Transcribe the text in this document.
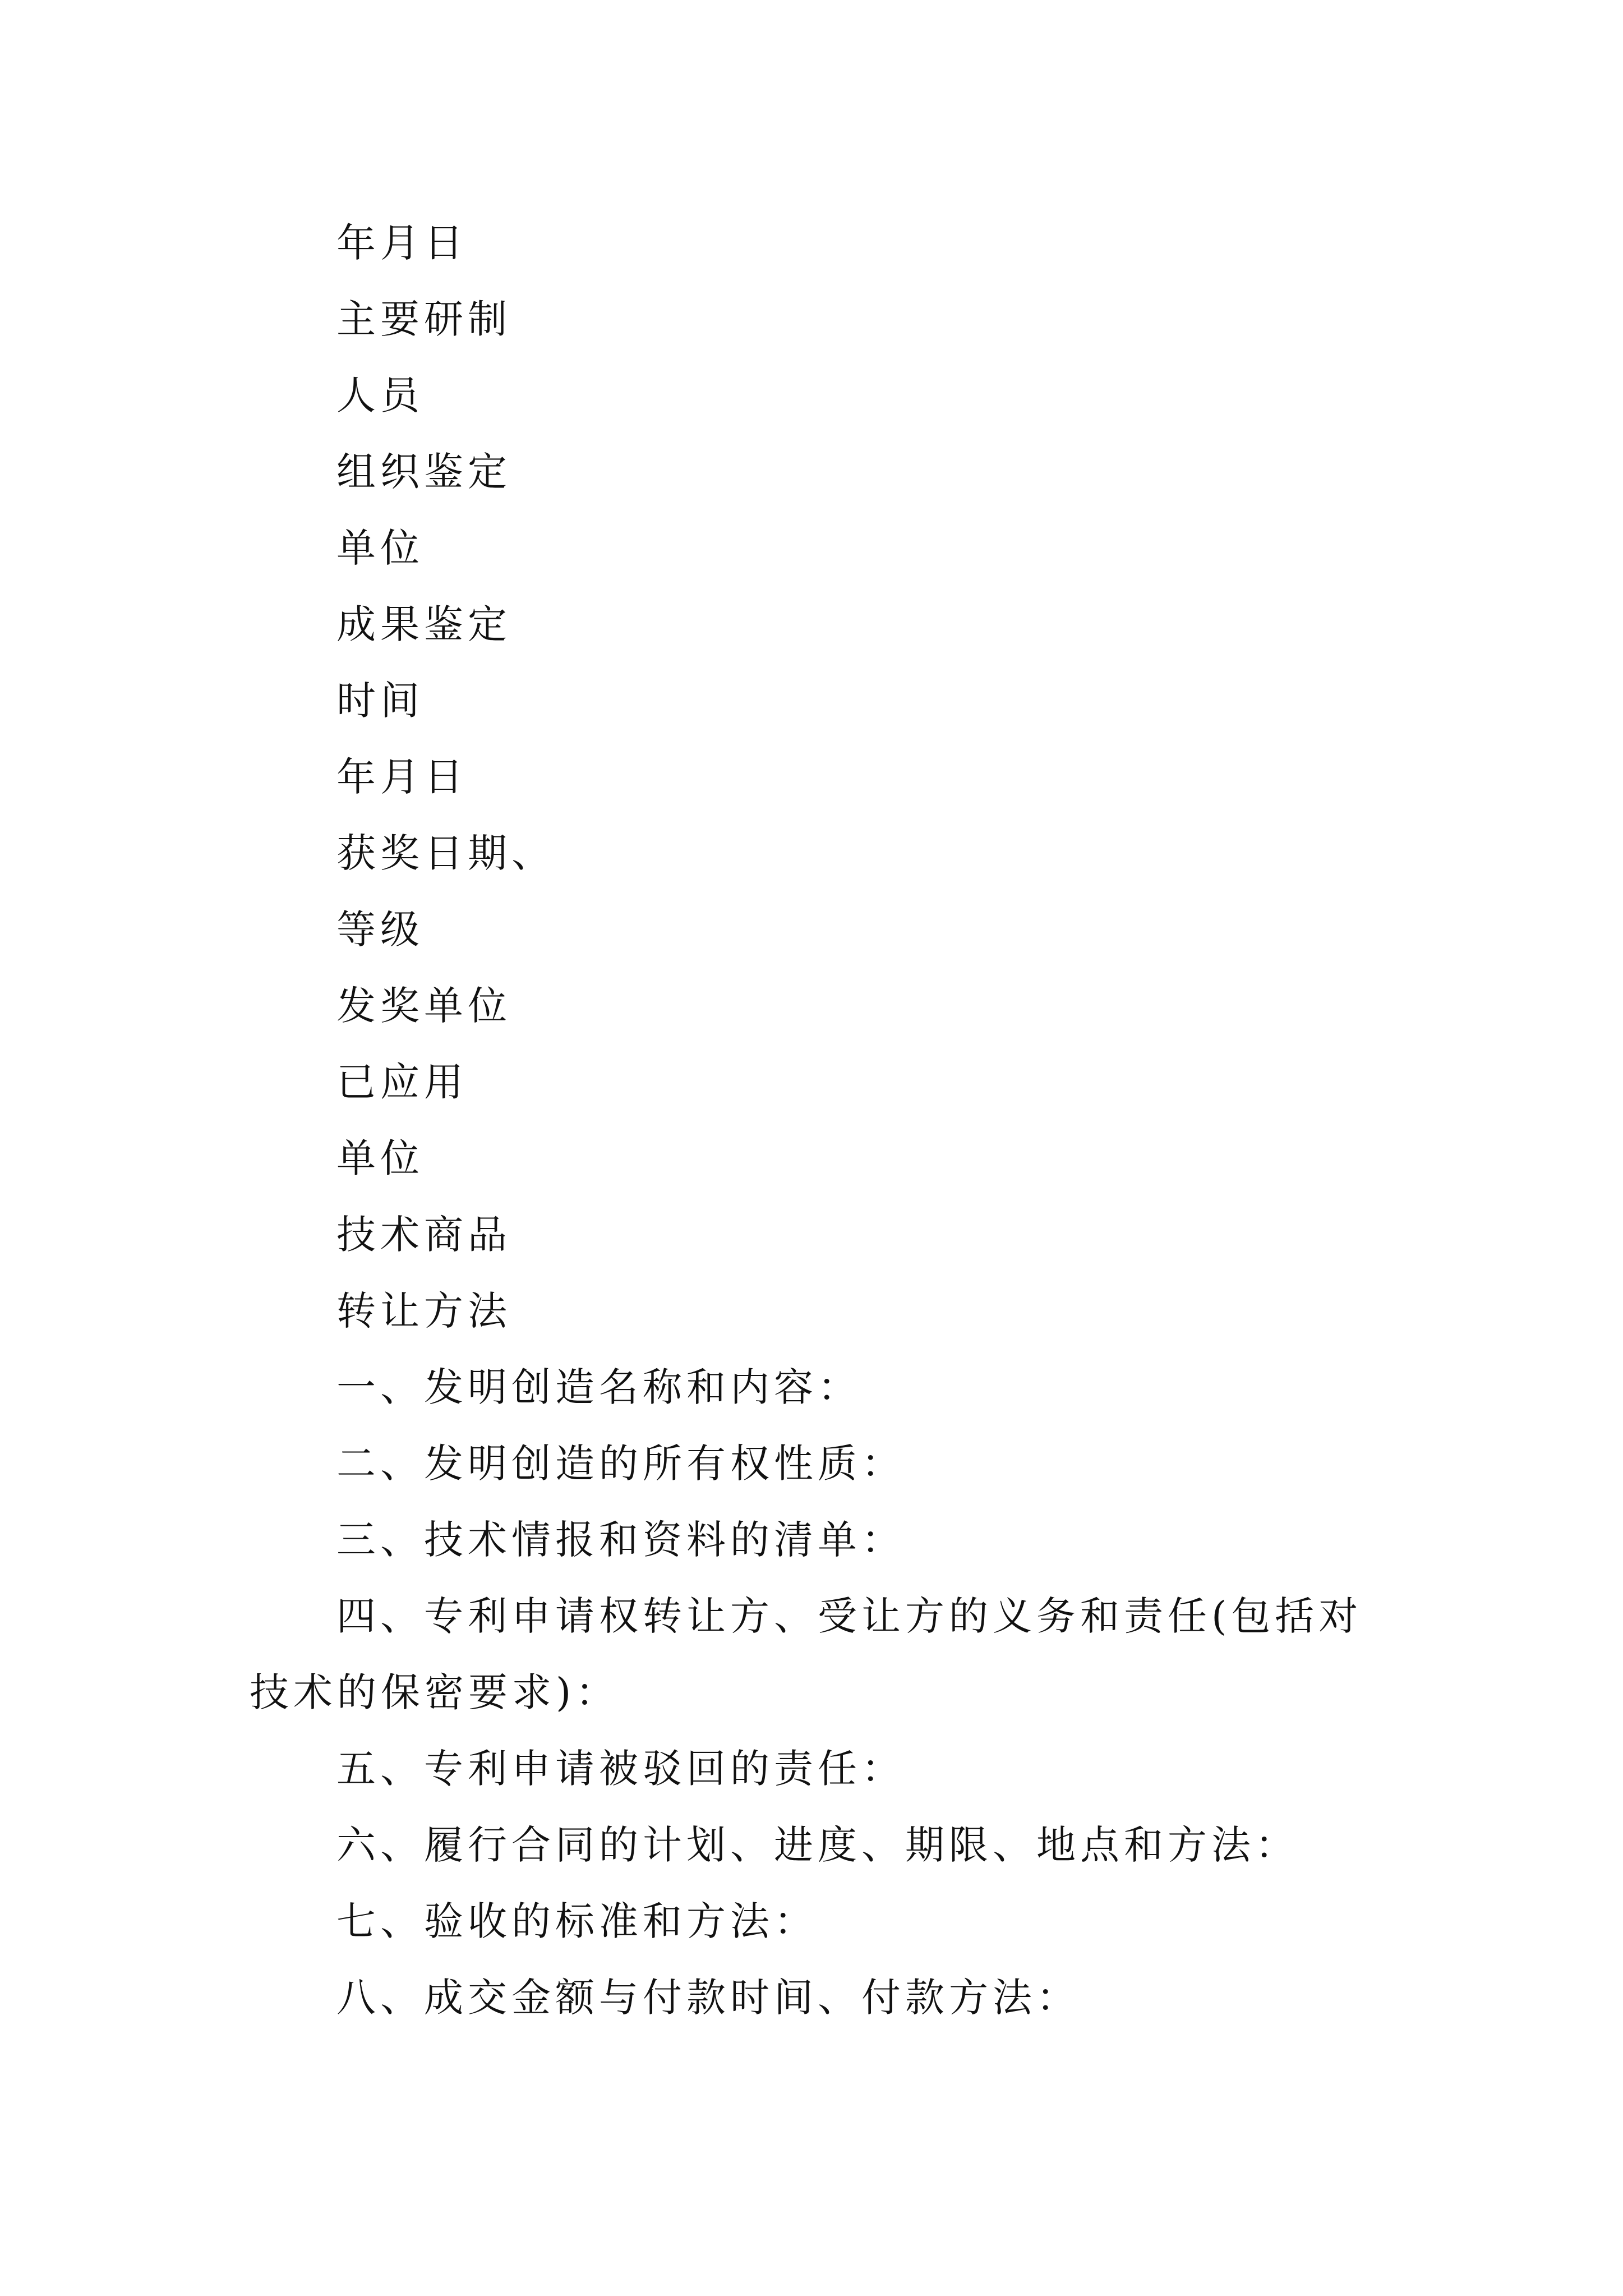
年月日
主要研制
人员
组织鉴定
单位
成果鉴定
时间
年月日
获奖日期、
等级
发奖单位
已应用
单位
技术商品
转让方法
一、发明创造名称和内容：
二、发明创造的所有权性质：
三、技术情报和资料的清单：
四、专利申请权转让方、受让方的义务和责任(包括对
技术的保密要求)：
五、专利申请被驳回的责任：
六、履行合同的计划、进度、期限、地点和方法：
七、验收的标准和方法：
八、成交金额与付款时间、付款方法：
